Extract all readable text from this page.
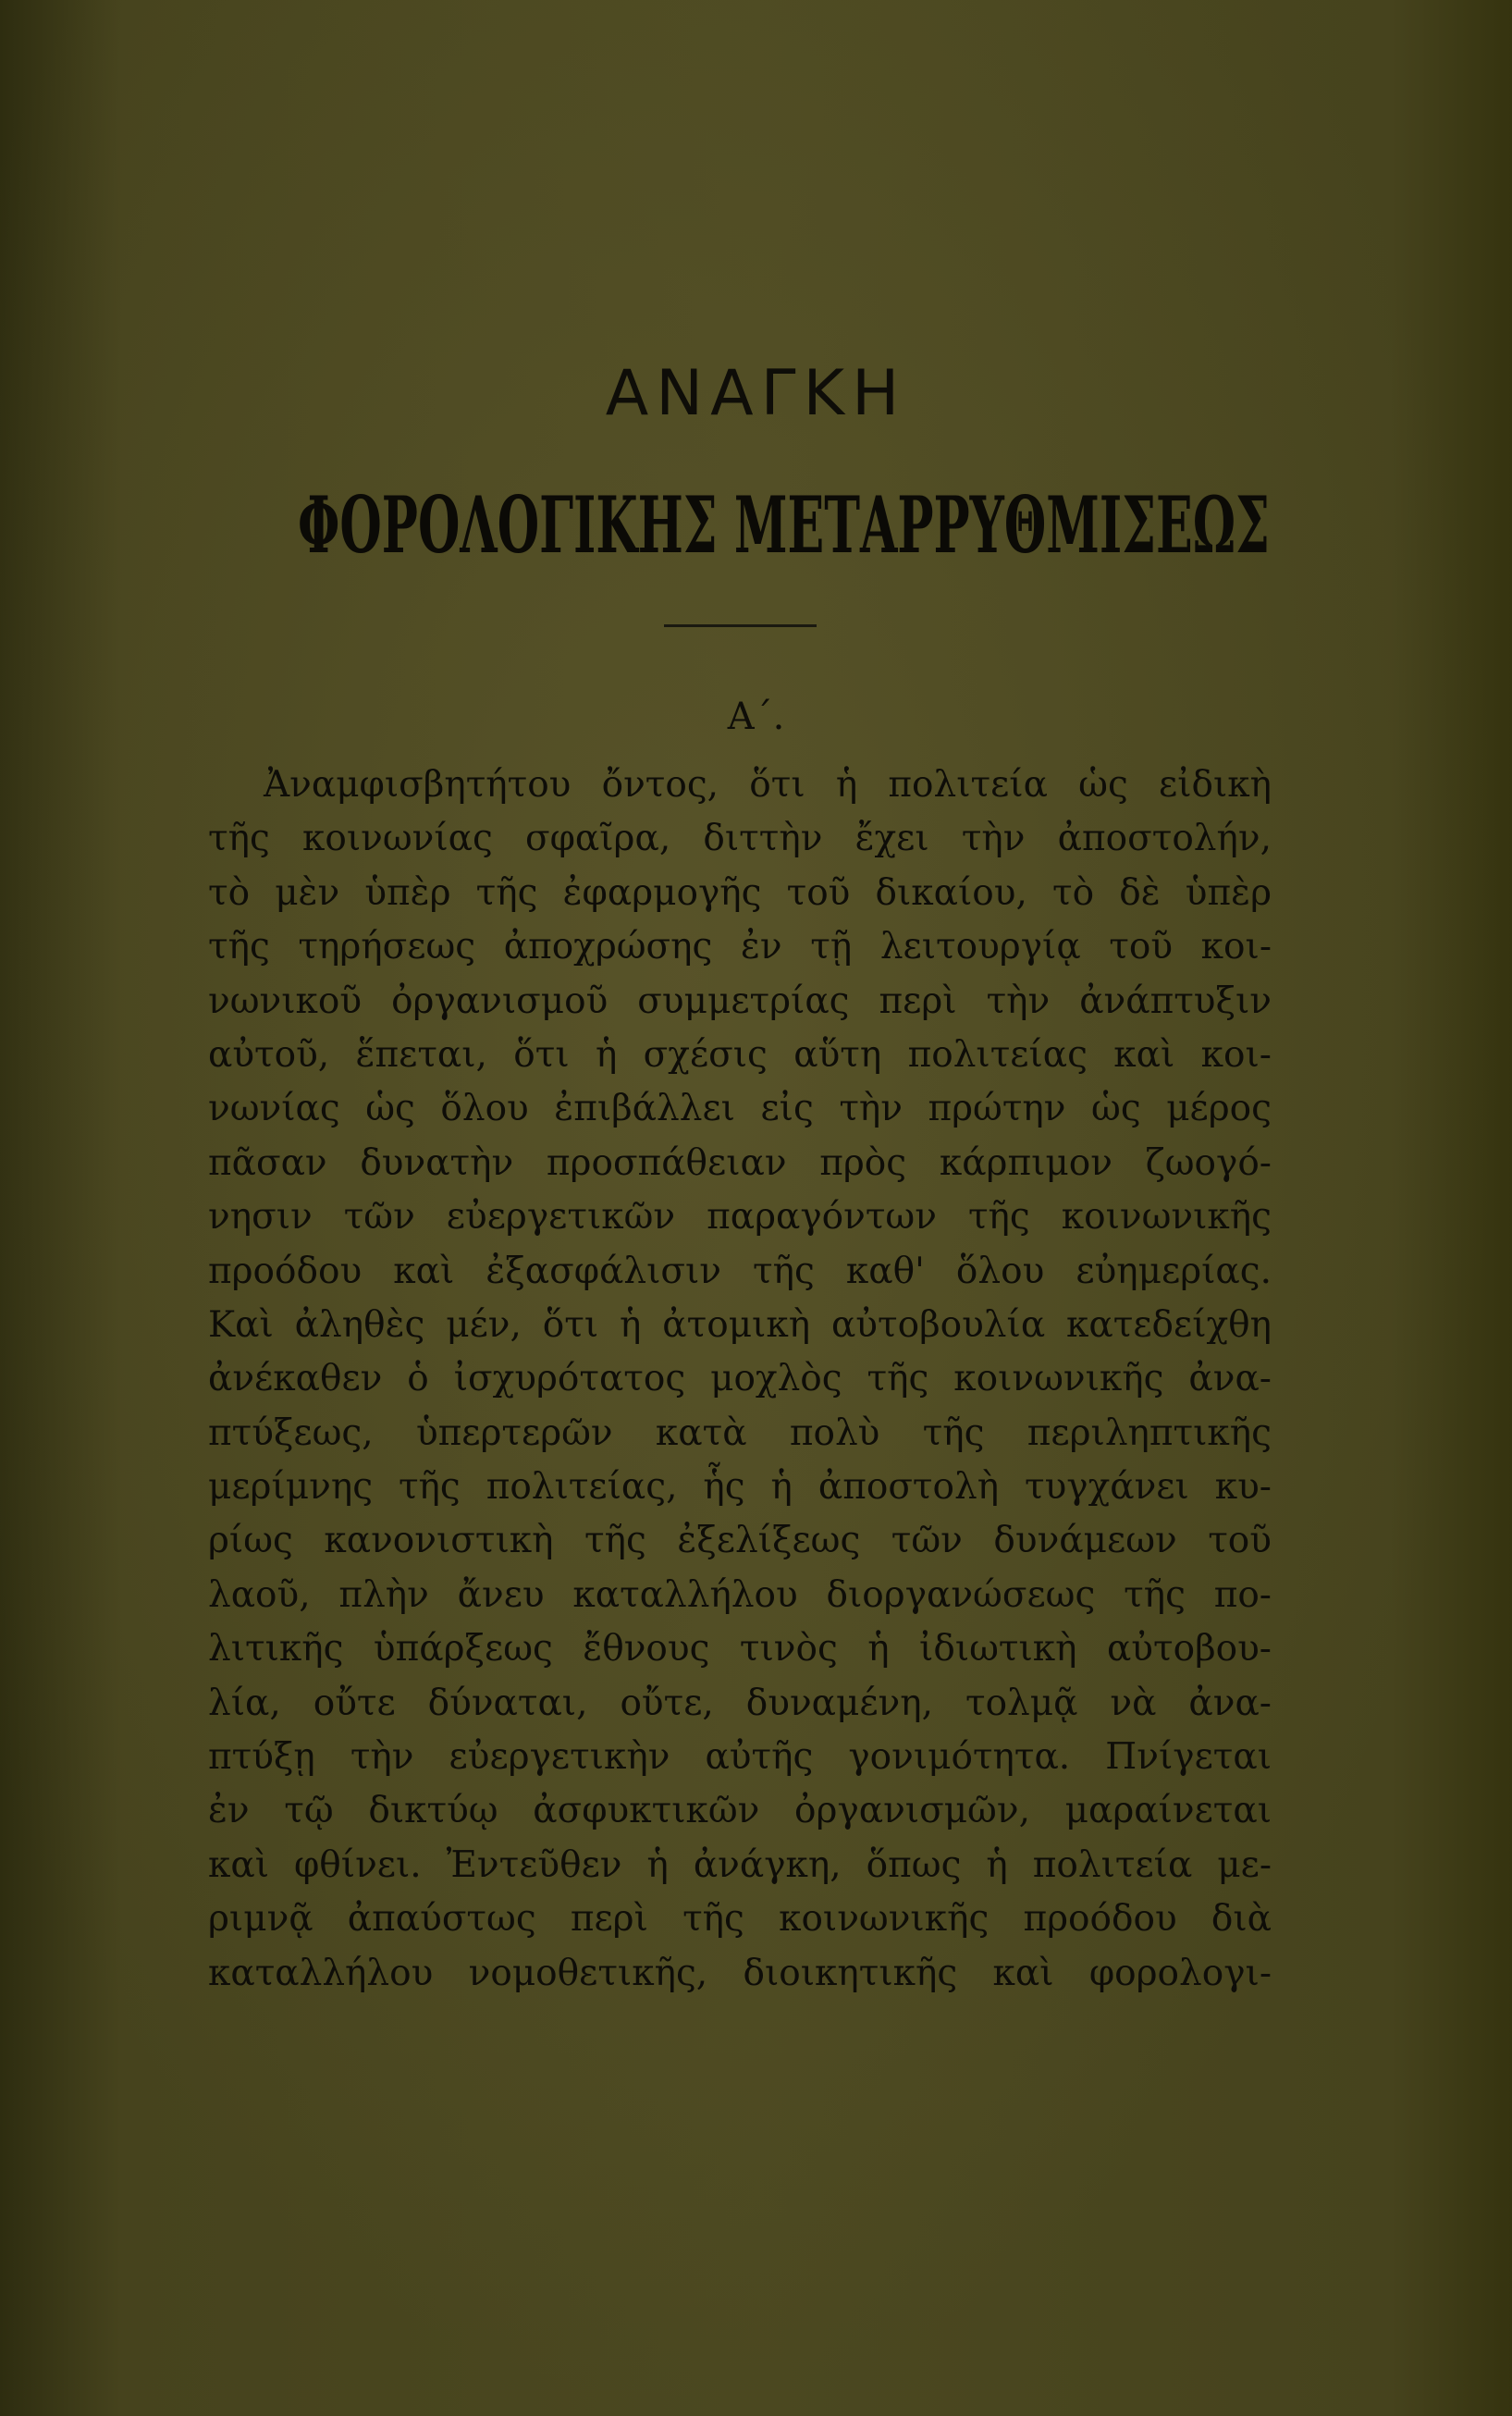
ΑΝΑΓΚΗ
ΦΟΡΟΛΟΓΙΚΗΣ ΜΕΤΑΡΡΥΘΜΙΣΕΩΣ
Α΄.
Ἀναμφισβητήτου ὄντος, ὅτι ἡ πολιτεία ὡς εἰδικὴ
τῆς κοινωνίας σφαῖρα, διττὴν ἔχει τὴν ἀποστολήν,
τὸ μὲν ὑπὲρ τῆς ἐφαρμογῆς τοῦ δικαίου, τὸ δὲ ὑπὲρ
τῆς τηρήσεως ἀποχρώσης ἐν τῇ λειτουργίᾳ τοῦ κοι-
νωνικοῦ ὀργανισμοῦ συμμετρίας περὶ τὴν ἀνάπτυξιν
αὐτοῦ, ἕπεται, ὅτι ἡ σχέσις αὕτη πολιτείας καὶ κοι-
νωνίας ὡς ὅλου ἐπιβάλλει εἰς τὴν πρώτην ὡς μέρος
πᾶσαν δυνατὴν προσπάθειαν πρὸς κάρπιμον ζωογό-
νησιν τῶν εὐεργετικῶν παραγόντων τῆς κοινωνικῆς
προόδου καὶ ἐξασφάλισιν τῆς καθ' ὅλου εὐημερίας.
Καὶ ἀληθὲς μέν, ὅτι ἡ ἀτομικὴ αὐτοβουλία κατεδείχθη
ἀνέκαθεν ὁ ἰσχυρότατος μοχλὸς τῆς κοινωνικῆς ἀνα-
πτύξεως, ὑπερτερῶν κατὰ πολὺ τῆς περιληπτικῆς
μερίμνης τῆς πολιτείας, ἧς ἡ ἀποστολὴ τυγχάνει κυ-
ρίως κανονιστικὴ τῆς ἐξελίξεως τῶν δυνάμεων τοῦ
λαοῦ, πλὴν ἄνευ καταλλήλου διοργανώσεως τῆς πο-
λιτικῆς ὑπάρξεως ἔθνους τινὸς ἡ ἰδιωτικὴ αὐτοβου-
λία, οὔτε δύναται, οὔτε, δυναμένη, τολμᾷ νὰ ἀνα-
πτύξῃ τὴν εὐεργετικὴν αὐτῆς γονιμότητα. Πνίγεται
ἐν τῷ δικτύῳ ἀσφυκτικῶν ὀργανισμῶν, μαραίνεται
καὶ φθίνει. Ἐντεῦθεν ἡ ἀνάγκη, ὅπως ἡ πολιτεία με-
ριμνᾷ ἀπαύστως περὶ τῆς κοινωνικῆς προόδου διὰ
καταλλήλου νομοθετικῆς, διοικητικῆς καὶ φορολογι-
